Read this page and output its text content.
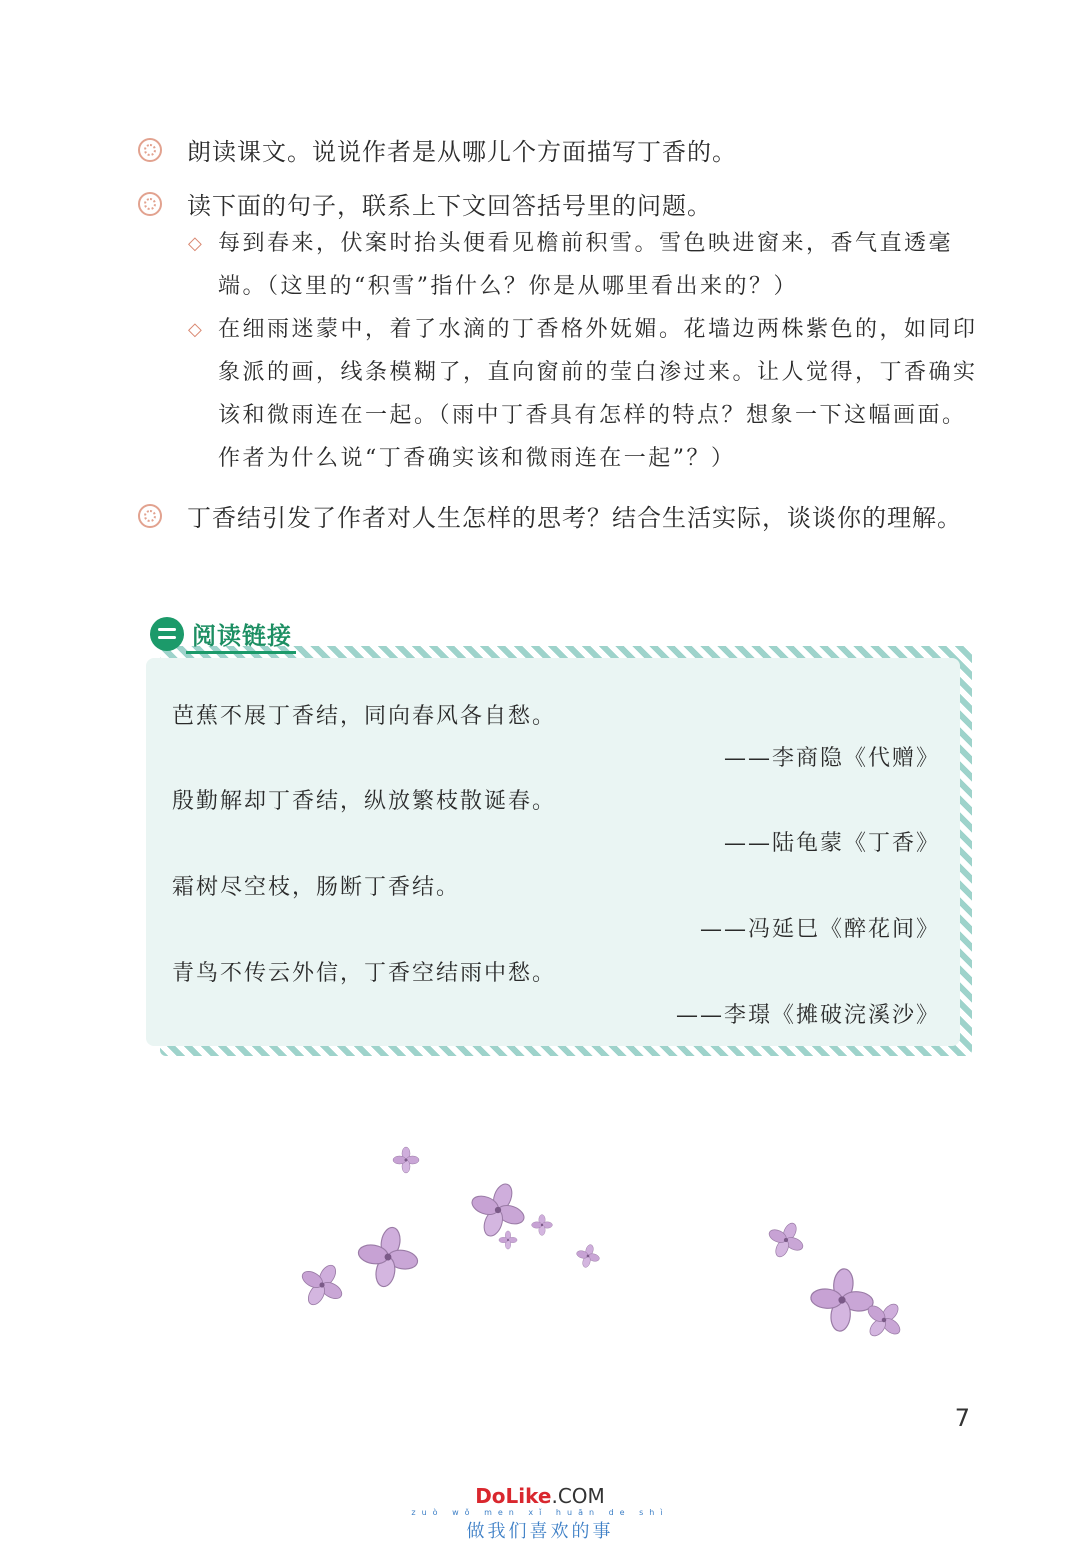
朗读课文。说说作者是从哪儿个方面描写丁香的。
读下面的句子，联系上下文回答括号里的问题。
◇ 每到春来，伏案时抬头便看见檐前积雪。雪色映进窗来，香气直透毫端。（这里的“积雪”指什么？你是从哪里看出来的？）
◇ 在细雨迷蒙中，着了水滴的丁香格外妩媚。花墙边两株紫色的，如同印象派的画，线条模糊了，直向窗前的莹白渗过来。让人觉得，丁香确实该和微雨连在一起。（雨中丁香具有怎样的特点？想象一下这幅画面。作者为什么说“丁香确实该和微雨连在一起”？）
丁香结引发了作者对人生怎样的思考？结合生活实际，谈谈你的理解。
阅读链接
芭蕉不展丁香结，同向春风各自愁。
——李商隐《代赠》
殷勤解却丁香结，纵放繁枝散诞春。
——陆龟蒙《丁香》
霜树尽空枝，肠断丁香结。
——冯延巳《醉花间》
青鸟不传云外信，丁香空结雨中愁。
——李璟《摊破浣溪沙》
7
DoLike.COM
zuò wǒ men xǐ huān de shì
做我们喜欢的事
